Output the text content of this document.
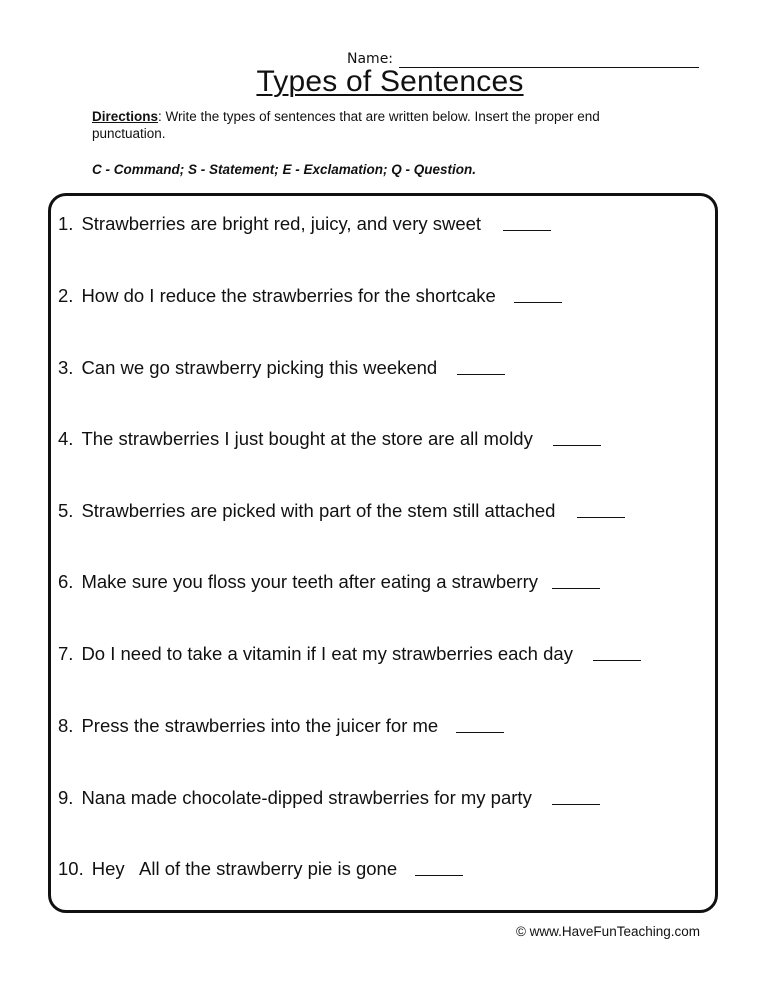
Name:
Types of Sentences
Directions: Write the types of sentences that are written below. Insert the proper end punctuation.
C - Command; S - Statement; E - Exclamation; Q - Question.
1. Strawberries are bright red, juicy, and very sweet
2. How do I reduce the strawberries for the shortcake
3. Can we go strawberry picking this weekend
4. The strawberries I just bought at the store are all moldy
5. Strawberries are picked with part of the stem still attached
6. Make sure you floss your teeth after eating a strawberry
7. Do I need to take a vitamin if I eat my strawberries each day
8. Press the strawberries into the juicer for me
9. Nana made chocolate-dipped strawberries for my party
10. Hey   All of the strawberry pie is gone
© www.HaveFunTeaching.com
